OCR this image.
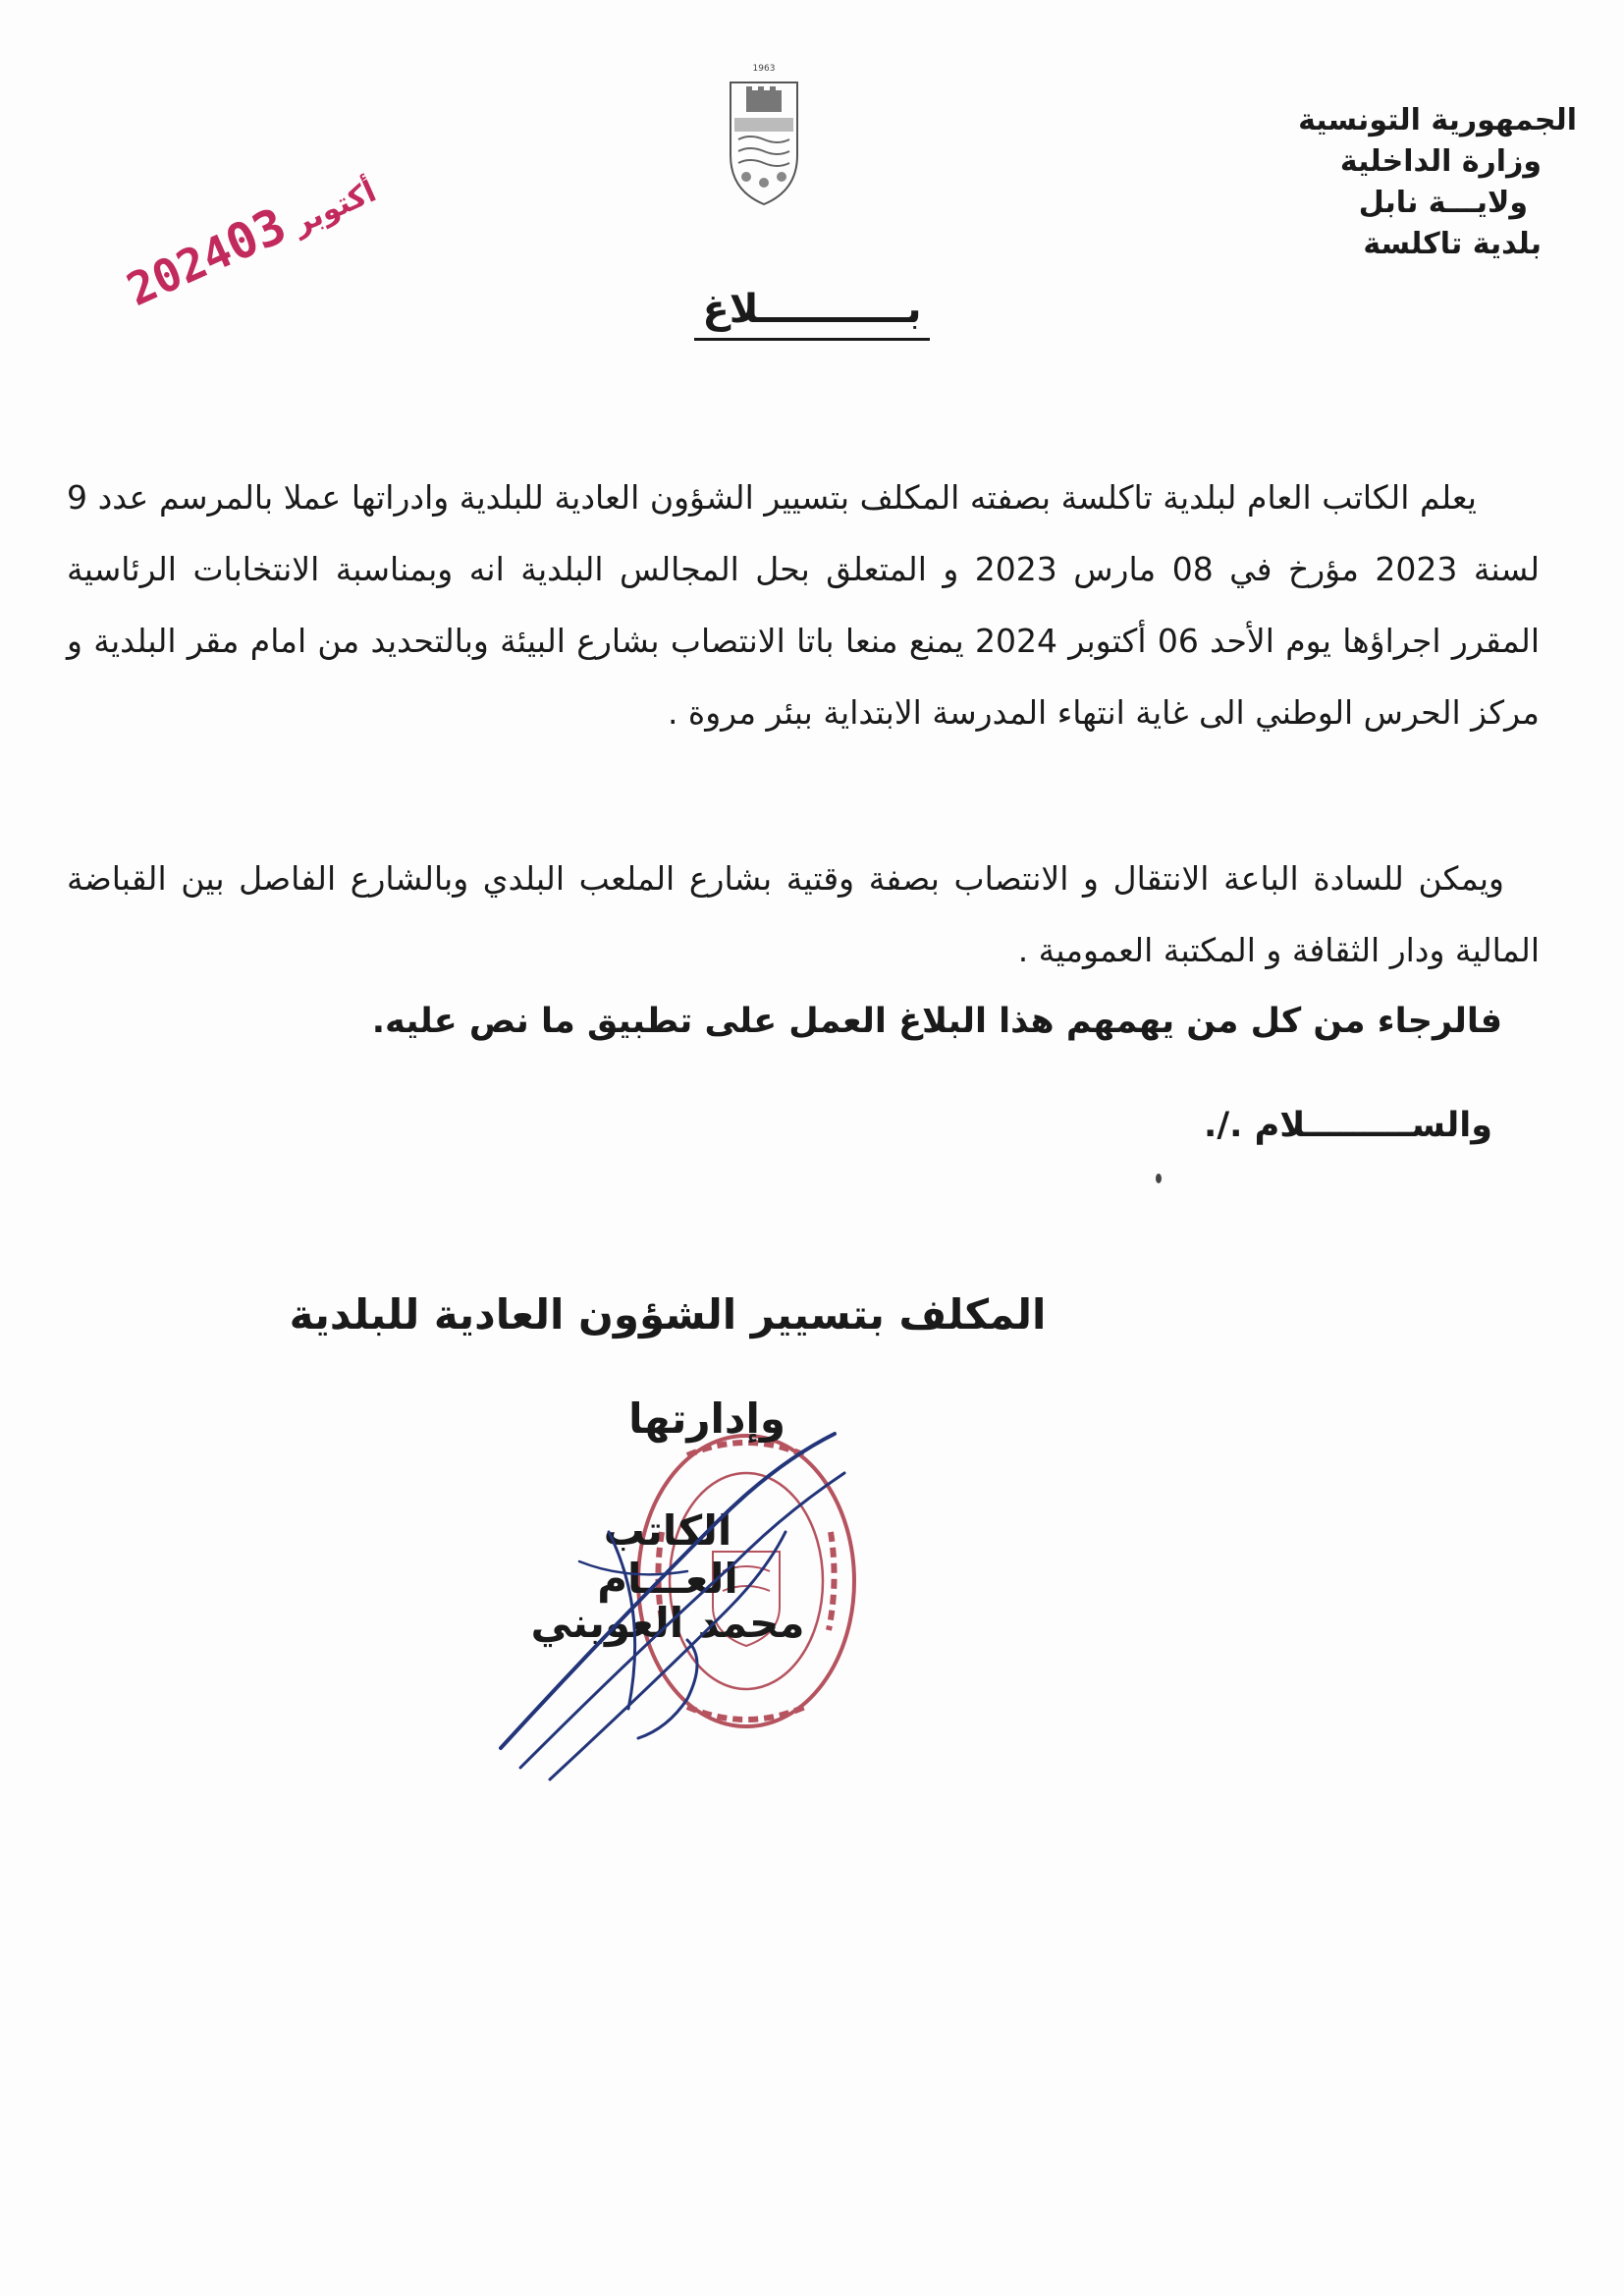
1963
الجمهورية التونسية
وزارة الداخلية
ولايـــة نابل
بلدية تاكلسة
2024أكتوبر03
بـــــــــــلاغ
يعلم الكاتب العام لبلدية تاكلسة بصفته المكلف بتسيير الشؤون العادية للبلدية وادراتها عملا بالمرسم عدد 9 لسنة 2023 مؤرخ في 08 مارس 2023 و المتعلق بحل المجالس البلدية انه وبمناسبة الانتخابات الرئاسية المقرر اجراؤها يوم الأحد 06 أكتوبر 2024 يمنع منعا باتا الانتصاب بشارع البيئة وبالتحديد من امام مقر البلدية و مركز الحرس الوطني الى غاية انتهاء المدرسة الابتداية ببئر مروة .
ويمكن للسادة الباعة الانتقال و الانتصاب بصفة وقتية بشارع الملعب البلدي وبالشارع الفاصل بين القباضة المالية ودار الثقافة و المكتبة العمومية .
فالرجاء من كل من يهمهم هذا البلاغ العمل على تطبيق ما نص عليه.
والســـــــــلام ./.
المكلف بتسيير الشؤون العادية للبلدية
وإدارتها
الكاتب العـــام
محمد العويني
